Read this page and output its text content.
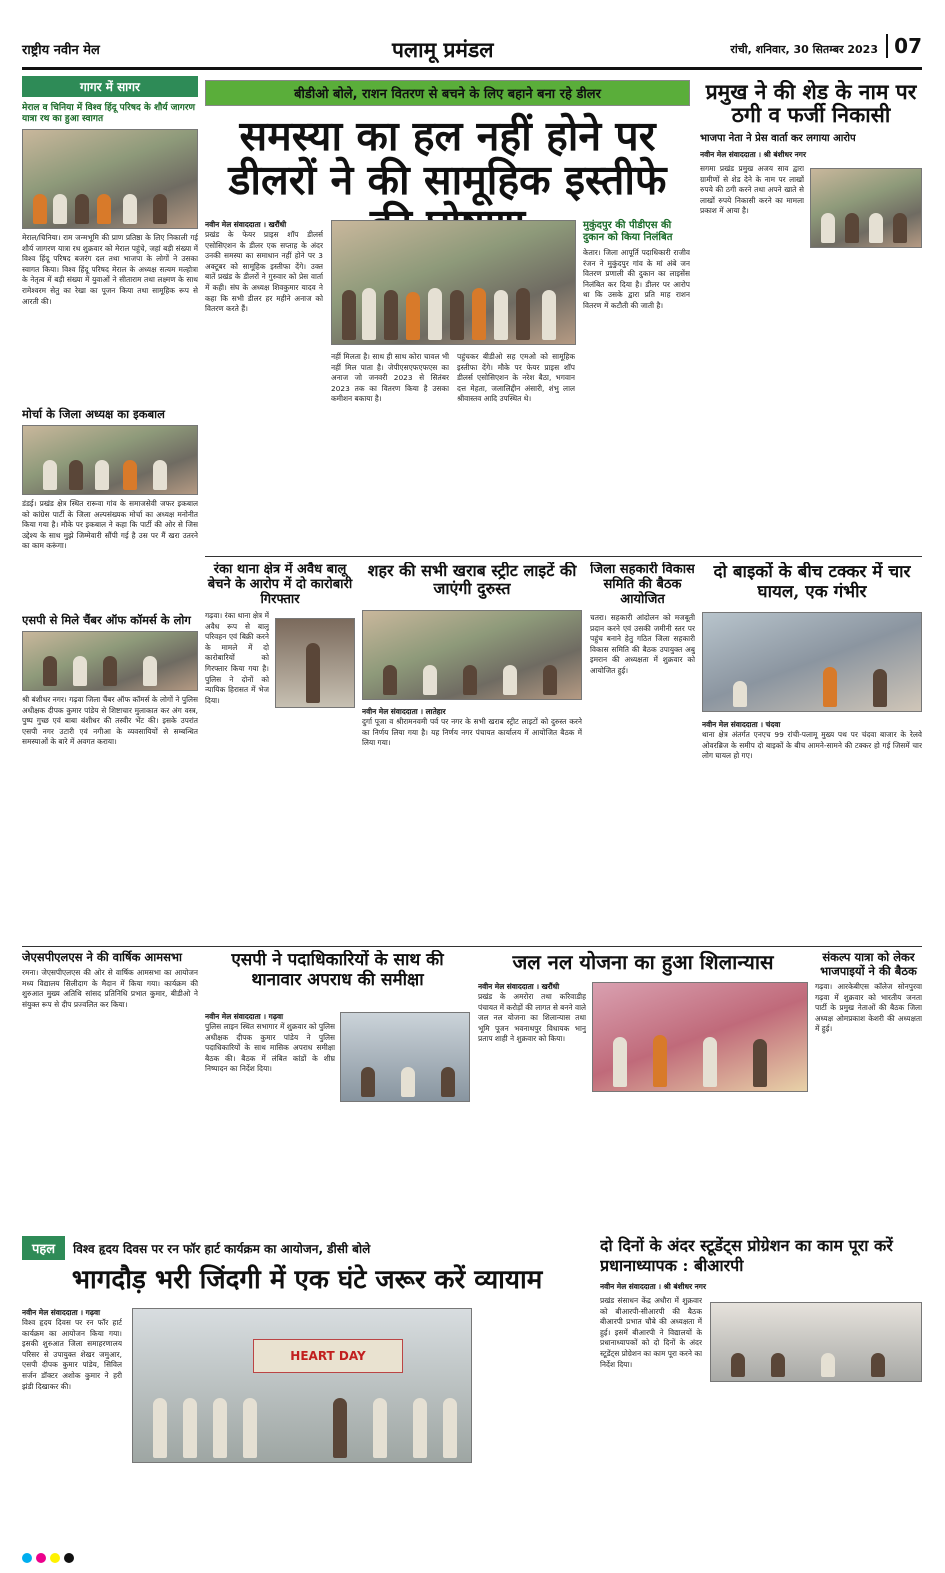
राष्ट्रीय नवीन मेल	पलामू प्रमंडल	रांची, शनिवार, 30 सितम्बर 2023 07
गागर में सागर
मेराल व चिनिया में विश्व हिंदू परिषद के शौर्य जागरण यात्रा रथ का हुआ स्वागत
मेराल/चिनिया। राम जन्मभूमि की प्राण प्रतिष्ठा के लिए निकाली गई शौर्य जागरण यात्रा रथ शुक्रवार को मेराल पहुंचे, जहां बड़ी संख्या में विश्व हिंदू परिषद बजरंग दल तथा भाजपा के लोगों ने उसका स्वागत किया। विश्व हिंदू परिषद मेराल के अध्यक्ष सत्यम मल्होत्रा के नेतृत्व में बड़ी संख्या में युवाओं ने सीताराम तथा लक्ष्मण के साथ रामेश्वरम सेतु का रेखा का पूजन किया तथा सामूहिक रूप से आरती की।
मोर्चा के जिला अध्यक्ष का इकबाल
डंडई। प्रखंड क्षेत्र स्थित रारूवा गांव के समाजसेवी जफर इकबाल को कांग्रेस पार्टी के जिला अल्पसंख्यक मोर्चा का अध्यक्ष मनोनीत किया गया है। मौके पर इकबाल ने कहा कि पार्टी की ओर से जिस उद्देश्य के साथ मुझे जिम्मेवारी सौंपी गई है उस पर मैं खरा उतरने का काम करूंगा।
एसपी से मिले चैंबर ऑफ कॉमर्स के लोग
श्री बंशीधर नगर। गढ़वा जिला चैंबर ऑफ कॉमर्स के लोगों ने पुलिस अधीक्षक दीपक कुमार पांडेय से शिष्टाचार मुलाकात कर अंग वस्त्र, पुष्प गुच्छ एवं बाबा बंशीधर की तस्वीर भेंट की। इसके उपरांत एसपी नगर उटारी एवं नगीआ के व्यवसायियों से सम्बन्धित समस्याओं के बारे में अवगत कराया।
बीडीओ बोले, राशन वितरण से बचने के लिए बहाने बना रहे डीलर
समस्या का हल नहीं होने पर डीलरों ने की सामूहिक इस्तीफे
नवीन मेल संवाददाता । खरौंधी
प्रखंड के फेयर प्राइस शॉप डीलर्स एसोसिएशन के डीलर एक सप्ताह के अंदर उनकी समस्या का समाधान नहीं होने पर 3 अक्टूबर को सामूहिक इस्तीफा देंगे। उक्त बातें प्रखंड के डीलरों ने गुरुवार को प्रेस वार्ता में कही। संघ के अध्यक्ष शिवकुमार यादव ने कहा कि सभी डीलर हर महीने अनाज को वितरण करते हैं।
नहीं मिलता है। साथ ही साथ कोरा चावल भी नहीं मिल पाता है। जेपीएसएफएफएस का अनाज जो जनवरी 2023 से सितंबर 2023 तक का वितरण किया है उसका कमीशन बकाया है।
पहुंचकर बीडीओ सह एमओ को सामूहिक इस्तीफा देंगे। मौके पर फेयर प्राइस शॉप डीलर्स एसोसिएशन के नरेश बैठा, भगवान दत्त मेहता, जलालिद्दीन अंसारी, शंभु लाल श्रीवास्तव आदि उपस्थित थे।
मुकुंदपुर की पीडीएस की दुकान को किया निलंबित
केतार। जिला आपूर्ति पदाधिकारी राजीव रंजन ने मुकुंदपुर गांव के मां अंबे जन वितरण प्रणाली की दुकान का लाइसेंस निलंबित कर दिया है। डीलर पर आरोप था कि उसके द्वारा प्रति माह राशन वितरण में कटौती की जाती है।
प्रमुख ने की शेड के नाम पर ठगी व फर्जी निकासी
भाजपा नेता ने प्रेस वार्ता कर लगाया आरोप
नवीन मेल संवाददाता । श्री बंशीधर नगर
सगमा प्रखंड प्रमुख अजय साव द्वारा ग्रामीणों से शेड देने के नाम पर लाखों रुपये की ठगी करने तथा अपने खाते से लाखों रुपये निकासी करने का मामला प्रकाश में आया है।
रंका थाना क्षेत्र में अवैध बालू बेचने के आरोप में दो कारोबारी गिरफ्तार
गढ़वा। रंका थाना क्षेत्र में अवैध रूप से बालू परिवहन एवं बिक्री करने के मामले में दो कारोबारियों को गिरफ्तार किया गया है। पुलिस ने दोनों को न्यायिक हिरासत में भेज दिया।
शहर की सभी खराब स्ट्रीट लाइटें की जाएंगी दुरुस्त
नवीन मेल संवाददाता । लातेहार
दुर्गा पूजा व श्रीरामनवमी पर्व पर नगर के सभी खराब स्ट्रीट लाइटों को दुरुस्त करने का निर्णय लिया गया है। यह निर्णय नगर पंचायत कार्यालय में आयोजित बैठक में लिया गया।
जिला सहकारी विकास समिति की बैठक आयोजित
चतरा। सहकारी आंदोलन को मजबूती प्रदान करने एवं उसकी जमीनी स्तर पर पहुंच बनाने हेतु गठित जिला सहकारी विकास समिति की बैठक उपायुक्त अबु इमरान की अध्यक्षता में शुक्रवार को आयोजित हुई।
दो बाइकों के बीच टक्कर में चार घायल, एक गंभीर
नवीन मेल संवाददाता । चंदवा
थाना क्षेत्र अंतर्गत एनएच 99 रांची-पलामू मुख्य पथ पर चंदवा बाजार के रेलवे ओवरब्रिज के समीप दो बाइकों के बीच आमने-सामने की टक्कर हो गई जिसमें चार लोग घायल हो गए।
जेएसपीएलएस ने की वार्षिक आमसभा
रमना। जेएसपीएलएस की ओर से वार्षिक आमसभा का आयोजन मध्य विद्यालय सिलीदाग के मैदान में किया गया। कार्यक्रम की शुरुआत मुख्य अतिथि सांसद प्रतिनिधि प्रभात कुमार, बीडीओ ने संयुक्त रूप से दीप प्रज्वलित कर किया।
एसपी ने पदाधिकारियों के साथ की थानावार अपराध की समीक्षा
नवीन मेल संवाददाता । गढ़वा
पुलिस लाइन स्थित सभागार में शुक्रवार को पुलिस अधीक्षक दीपक कुमार पांडेय ने पुलिस पदाधिकारियों के साथ मासिक अपराध समीक्षा बैठक की। बैठक में लंबित कांडों के शीघ्र निष्पादन का निर्देश दिया।
जल नल योजना का हुआ शिलान्यास
नवीन मेल संवाददाता । खरौंधी
प्रखंड के अमरोरा तथा करिवाडीह पंचायत में करोड़ों की लागत से बनने वाले जल नल योजना का शिलान्यास तथा भूमि पूजन भवनाथपुर विधायक भानु प्रताप शाही ने शुक्रवार को किया।
संकल्प यात्रा को लेकर भाजपाइयों ने की बैठक
गढ़वा। आरकेबीएस कॉलेज सोनपुरवा गढ़वा में शुक्रवार को भारतीय जनता पार्टी के प्रमुख नेताओं की बैठक जिला अध्यक्ष ओमप्रकाश केशरी की अध्यक्षता में हुई।
पहल	विश्व हृदय दिवस पर रन फॉर हार्ट कार्यक्रम का आयोजन, डीसी बोले
भागदौड़ भरी जिंदगी में एक घंटे जरूर करें व्यायाम
नवीन मेल संवाददाता । गढ़वा
विश्व हृदय दिवस पर रन फॉर हार्ट कार्यक्रम का आयोजन किया गया। इसकी शुरुआत जिला समाहरणालय परिसर से उपायुक्त शेखर जमुआर, एसपी दीपक कुमार पांडेय, सिविल सर्जन डॉक्टर अशोक कुमार ने हरी झंडी दिखाकर की।
HEART DAY
दो दिनों के अंदर स्टूडेंट्स प्रोग्रेशन का काम पूरा करें प्रधानाध्यापक : बीआरपी
नवीन मेल संवाददाता । श्री बंशीधर नगर
प्रखंड संसाधन केंद्र अधौरा में शुक्रवार को बीआरपी-सीआरपी की बैठक बीआरपी प्रभात चौबे की अध्यक्षता में हुई। इसमें बीआरपी ने विद्यालयों के प्रधानाध्यापकों को दो दिनों के अंदर स्टूडेंट्स प्रोग्रेशन का काम पूरा करने का निर्देश दिया।
